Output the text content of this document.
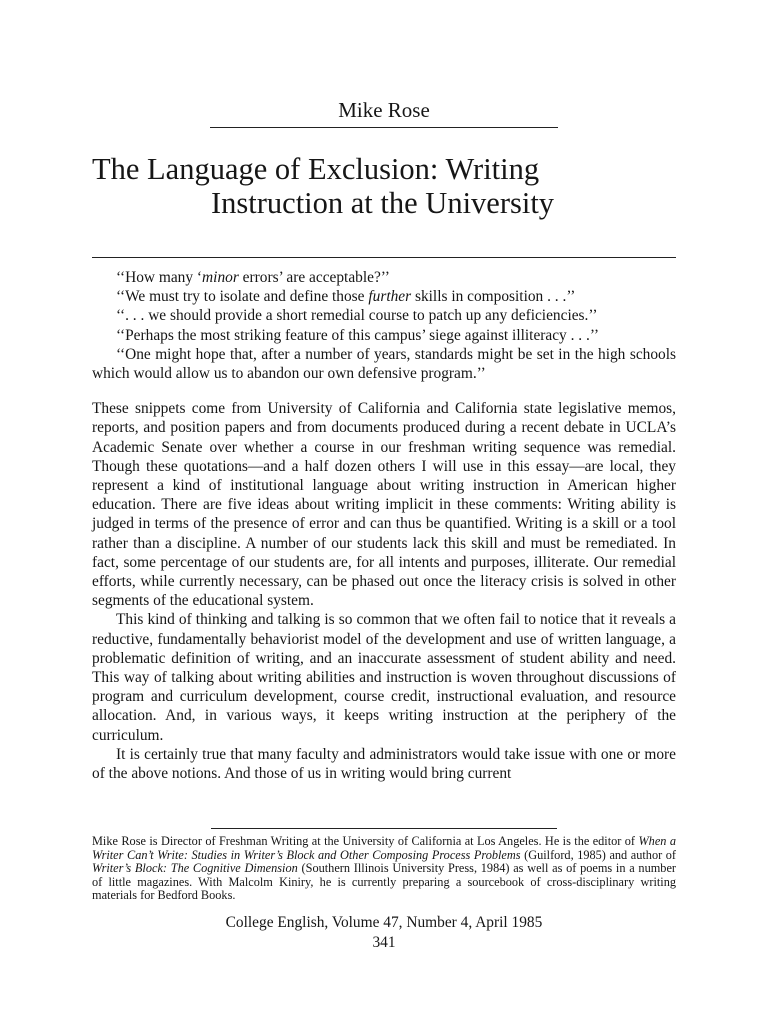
Mike Rose
The Language of Exclusion: Writing
Instruction at the University

‘‘How many ‘minor errors’ are acceptable?’’

‘‘We must try to isolate and define those further skills in composition . . .’’

‘‘. . . we should provide a short remedial course to patch up any deficiencies.’’

‘‘Perhaps the most striking feature of this campus’ siege against illiteracy . . .’’

‘‘One might hope that, after a number of years, standards might be set in the high schools which would allow us to abandon our own defensive program.’’

These snippets come from University of California and California state legislative memos, reports, and position papers and from documents produced during a recent debate in UCLA’s Academic Senate over whether a course in our freshman writing sequence was remedial. Though these quotations—and a half dozen others I will use in this essay—are local, they represent a kind of institutional language about writing instruction in American higher education. There are five ideas about writing implicit in these comments: Writing ability is judged in terms of the presence of error and can thus be quantified. Writing is a skill or a tool rather than a discipline. A number of our students lack this skill and must be remediated. In fact, some percentage of our students are, for all intents and purposes, illiterate. Our remedial efforts, while currently necessary, can be phased out once the literacy crisis is solved in other segments of the educational system.

This kind of thinking and talking is so common that we often fail to notice that it reveals a reductive, fundamentally behaviorist model of the development and use of written language, a problematic definition of writing, and an inaccurate assessment of student ability and need. This way of talking about writing abilities and instruction is woven throughout discussions of program and curriculum development, course credit, instructional evaluation, and resource allocation. And, in various ways, it keeps writing instruction at the periphery of the curriculum.

It is certainly true that many faculty and administrators would take issue with one or more of the above notions. And those of us in writing would bring current

Mike Rose is Director of Freshman Writing at the University of California at Los Angeles. He is the editor of When a Writer Can’t Write: Studies in Writer’s Block and Other Composing Process Problems (Guilford, 1985) and author of Writer’s Block: The Cognitive Dimension (Southern Illinois University Press, 1984) as well as of poems in a number of little magazines. With Malcolm Kiniry, he is currently preparing a sourcebook of cross-disciplinary writing materials for Bedford Books.
College English, Volume 47, Number 4, April 1985
341
